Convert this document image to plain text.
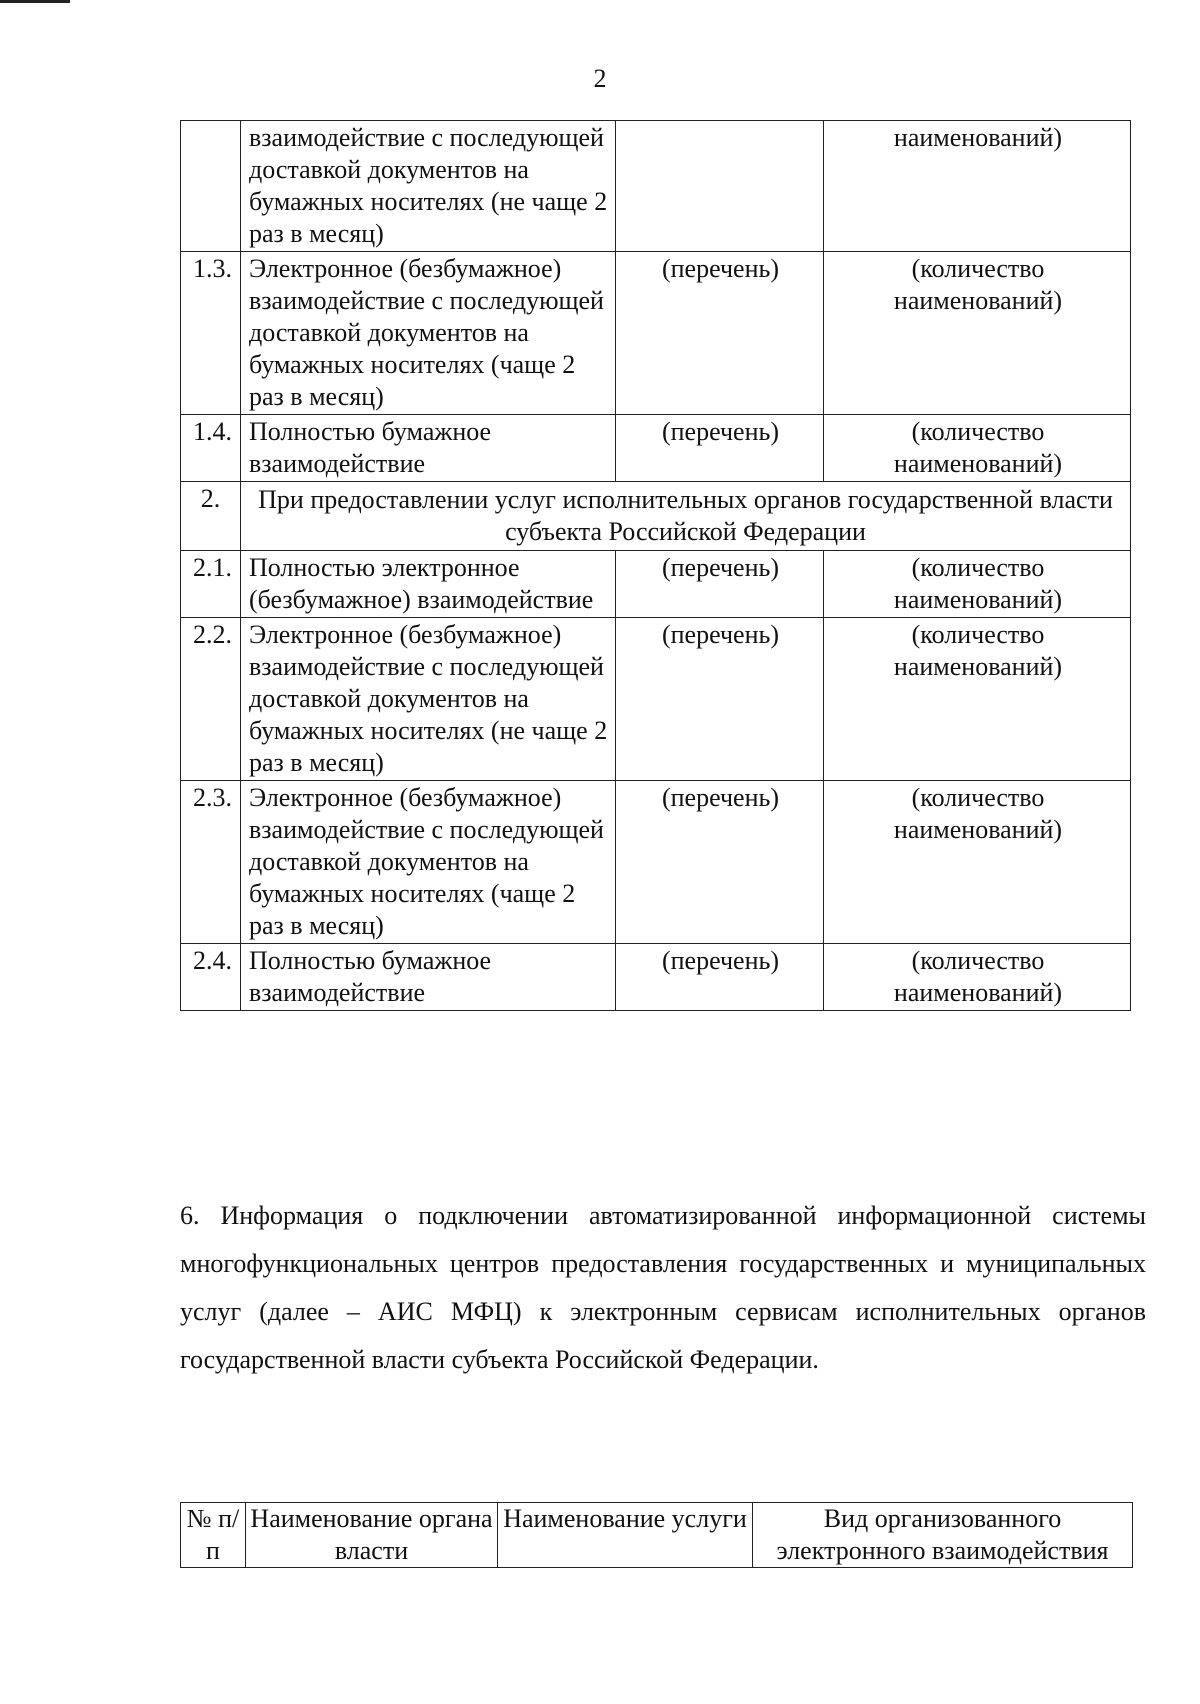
2
	взаимодействие с последующей доставкой документов на бумажных носителях (не чаще 2 раз в месяц)		наименований)
1.3.	Электронное (безбумажное) взаимодействие с последующей доставкой документов на бумажных носителях (чаще 2 раз в месяц)	(перечень)	(количество наименований)
1.4.	Полностью бумажное взаимодействие	(перечень)	(количество наименований)
2.	При предоставлении услуг исполнительных органов государственной власти субъекта Российской Федерации		
2.1.	Полностью электронное (безбумажное) взаимодействие	(перечень)	(количество наименований)
2.2.	Электронное (безбумажное) взаимодействие с последующей доставкой документов на бумажных носителях (не чаще 2 раз в месяц)	(перечень)	(количество наименований)
2.3.	Электронное (безбумажное) взаимодействие с последующей доставкой документов на бумажных носителях (чаще 2 раз в месяц)	(перечень)	(количество наименований)
2.4.	Полностью бумажное взаимодействие	(перечень)	(количество наименований)

6. Информация о подключении автоматизированной информационной системы многофункциональных центров предоставления государственных и муниципальных услуг (далее – АИС МФЦ) к электронным сервисам исполнительных органов государственной власти субъекта Российской Федерации.

№ п/п	Наименование органа власти	Наименование услуги	Вид организованного электронного взаимодействия
